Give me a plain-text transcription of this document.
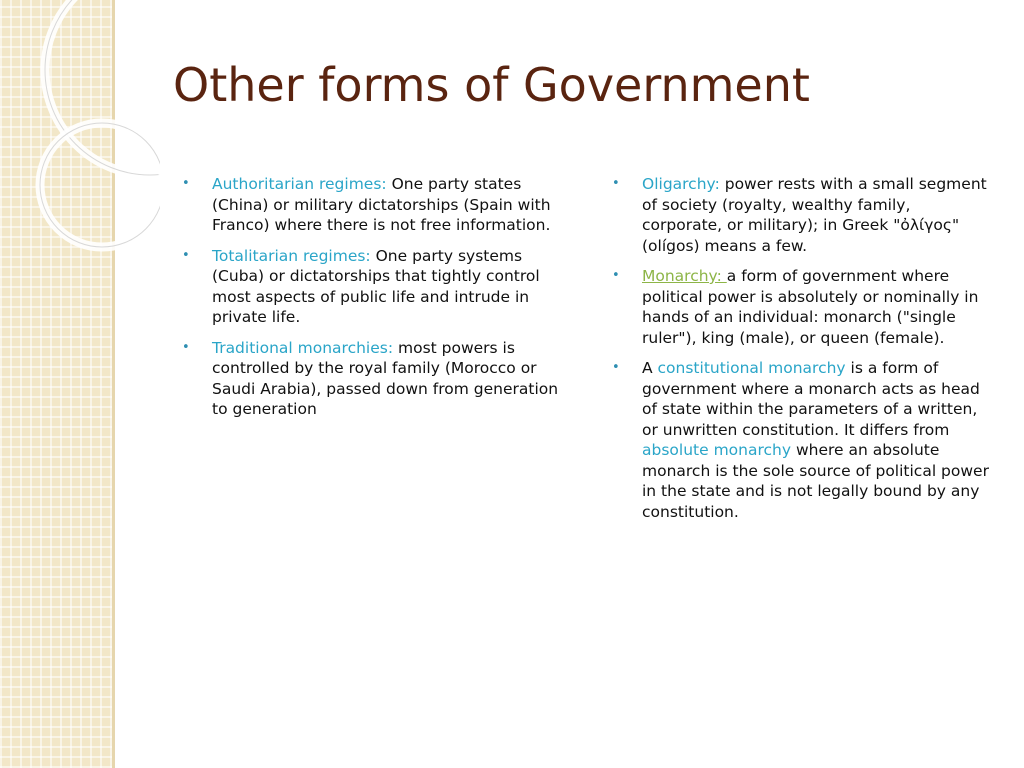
Other forms of Government
• Authoritarian regimes: One party states (China) or military dictatorships (Spain with Franco) where there is not free information.
• Totalitarian regimes: One party systems (Cuba) or dictatorships that tightly control most aspects of public life and intrude in private life.
• Traditional monarchies: most powers is controlled by the royal family (Morocco or Saudi Arabia), passed down from generation to generation
• Oligarchy: power rests with a small segment of society (royalty, wealthy family, corporate, or military); in Greek "ὀλίγος" (olígos) means a few.
• Monarchy: a form of government where political power is absolutely or nominally in hands of an individual: monarch ("single ruler"), king (male), or queen (female).
• A constitutional monarchy is a form of government where a monarch acts as head of state within the parameters of a written, or unwritten constitution. It differs from absolute monarchy where an absolute monarch is the sole source of political power in the state and is not legally bound by any constitution.
